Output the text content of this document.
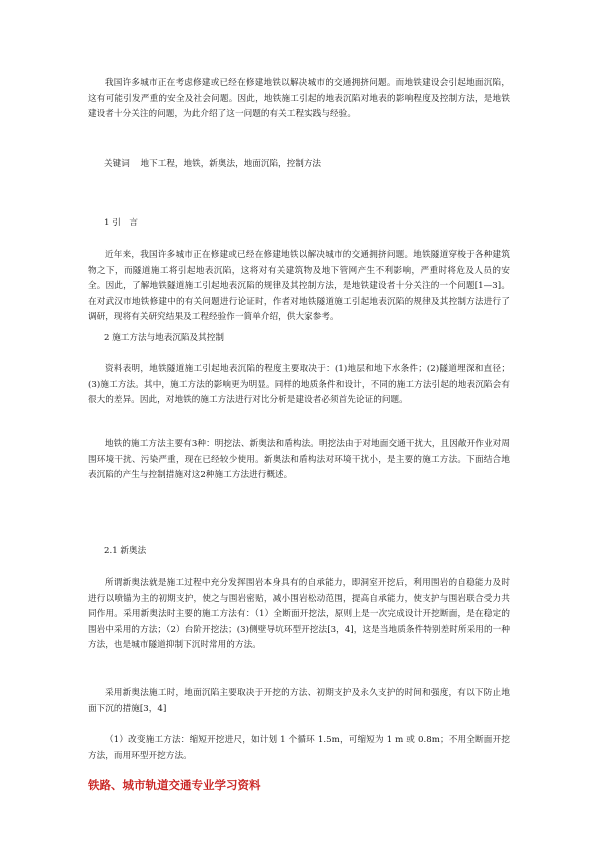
我国许多城市正在考虑修建或已经在修建地铁以解决城市的交通拥挤问题。而地铁建设会引起地面沉陷，这有可能引发严重的安全及社会问题。因此，地铁施工引起的地表沉陷对地表的影响程度及控制方法，是地铁建设者十分关注的问题，为此介绍了这一问题的有关工程实践与经验。

关键词 地下工程，地铁，新奥法，地面沉陷，控制方法

1 引　言

近年来，我国许多城市正在修建或已经在修建地铁以解决城市的交通拥挤问题。地铁隧道穿梭于各种建筑物之下，而隧道施工将引起地表沉陷，这将对有关建筑物及地下管网产生不利影响，严重时将危及人员的安全。因此，了解地铁隧道施工引起地表沉陷的规律及其控制方法，是地铁建设者十分关注的一个问题[1—3]。在对武汉市地铁修建中的有关问题进行论证时，作者对地铁隧道施工引起地表沉陷的规律及其控制方法进行了调研，现将有关研究结果及工程经验作一简单介绍，供大家参考。

2 施工方法与地表沉陷及其控制

资料表明，地铁隧道施工引起地表沉陷的程度主要取决于：(1)地层和地下水条件；(2)隧道埋深和直径；(3)施工方法。其中，施工方法的影响更为明显。同样的地质条件和设计，不同的施工方法引起的地表沉陷会有很大的差异。因此，对地铁的施工方法进行对比分析是建设者必须首先论证的问题。

地铁的施工方法主要有3种：明挖法、新奥法和盾构法。明挖法由于对地面交通干扰大，且因敞开作业对周围环境干扰、污染严重，现在已经较少使用。新奥法和盾构法对环境干扰小，是主要的施工方法。下面结合地表沉陷的产生与控制措施对这2种施工方法进行概述。

2.1 新奥法

所谓新奥法就是施工过程中充分发挥围岩本身具有的自承能力，即洞室开挖后，利用围岩的自稳能力及时进行以喷锚为主的初期支护，使之与围岩密贴，减小围岩松动范围，提高自承能力，使支护与围岩联合受力共同作用。采用新奥法时主要的施工方法有：（1）全断面开挖法，原则上是一次完成设计开挖断面，是在稳定的围岩中采用的方法；（2）台阶开挖法；(3)侧壁导坑环型开挖法[3，4]，这是当地质条件特别差时所采用的一种方法，也是城市隧道抑制下沉时常用的方法。

采用新奥法施工时，地面沉陷主要取决于开挖的方法、初期支护及永久支护的时间和强度，有以下防止地面下沉的措施[3，4]

（1）改变施工方法：缩短开挖进尺，如计划 1 个循环 1.5m，可缩短为 1 m 或 0.8m；不用全断面开挖方法，而用环型开挖方法。

铁路、城市轨道交通专业学习资料
